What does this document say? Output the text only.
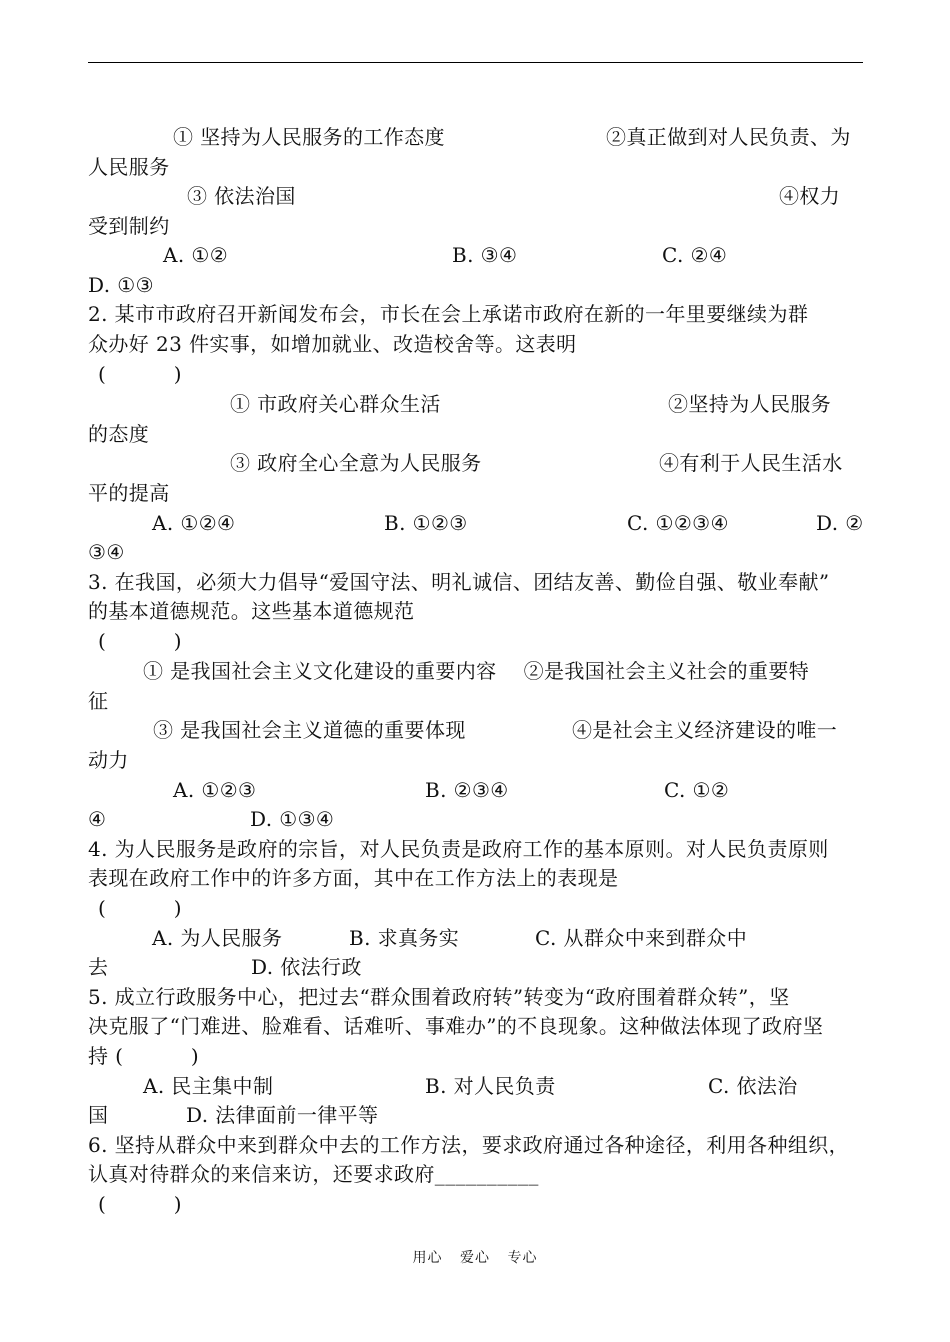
① 坚持为人民服务的工作态度	②真正做到对人民负责、为
人民服务
③ 依法治国	④权力
受到制约
A. ①②	B. ③④	C. ②④
D. ①③
2. 某市市政府召开新闻发布会，市长在会上承诺市政府在新的一年里要继续为群
众办好 23 件实事，如增加就业、改造校舍等。这表明
(          )
① 市政府关心群众生活	②坚持为人民服务
的态度
③ 政府全心全意为人民服务	④有利于人民生活水
平的提高
A. ①②④	B. ①②③	C. ①②③④	D. ②
③④
3. 在我国，必须大力倡导“爱国守法、明礼诚信、团结友善、勤俭自强、敬业奉献”
的基本道德规范。这些基本道德规范
(          )
① 是我国社会主义文化建设的重要内容    ②是我国社会主义社会的重要特
征
③ 是我国社会主义道德的重要体现	④是社会主义经济建设的唯一
动力
A. ①②③	B. ②③④	C. ①②
④	D. ①③④
4. 为人民服务是政府的宗旨，对人民负责是政府工作的基本原则。对人民负责原则
表现在政府工作中的许多方面，其中在工作方法上的表现是
(          )
A. 为人民服务	B. 求真务实	C. 从群众中来到群众中
去	D. 依法行政
5. 成立行政服务中心，把过去“群众围着政府转”转变为“政府围着群众转”，坚
决克服了“门难进、脸难看、话难听、事难办”的不良现象。这种做法体现了政府坚
持 (          )
A. 民主集中制	B. 对人民负责	C. 依法治
国	D. 法律面前一律平等
6. 坚持从群众中来到群众中去的工作方法，要求政府通过各种途径，利用各种组织，
认真对待群众的来信来访，还要求政府__________
(          )
用心 爱心 专心
